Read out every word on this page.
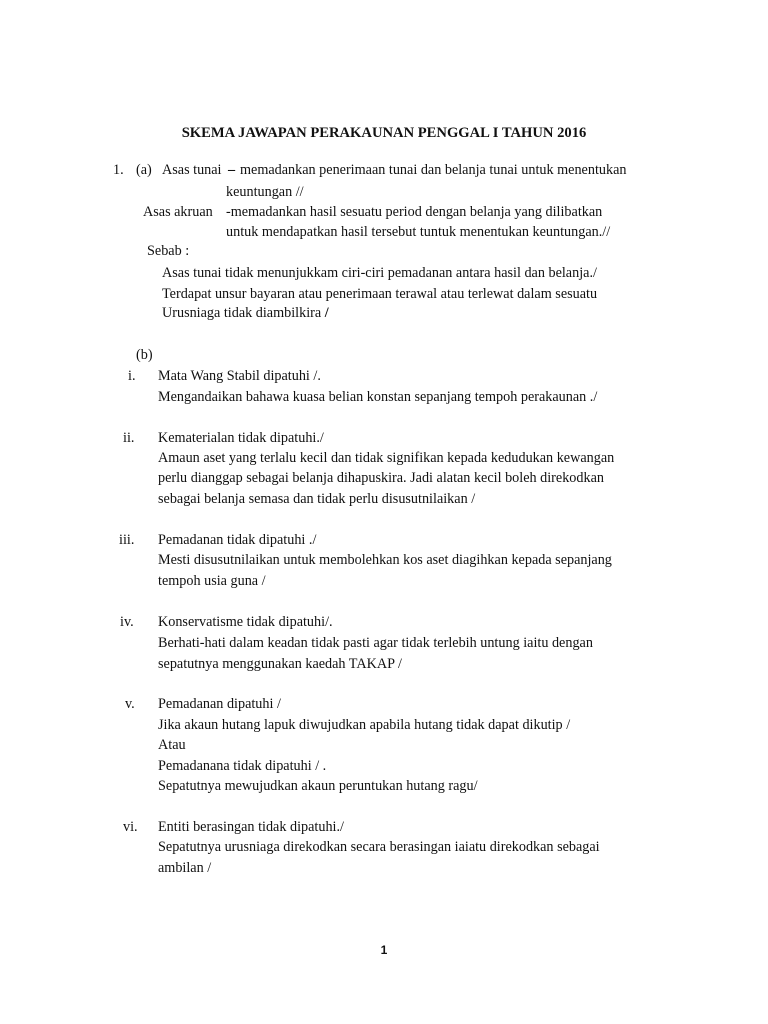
SKEMA JAWAPAN PERAKAUNAN PENGGAL I TAHUN 2016
1. (a) Asas tunai – memadankan penerimaan tunai dan belanja tunai untuk menentukan
keuntungan //
Asas akruan -memadankan hasil sesuatu period dengan belanja yang dilibatkan
untuk mendapatkan hasil tersebut tuntuk menentukan keuntungan.//
Sebab :
Asas tunai tidak menunjukkam ciri-ciri pemadanan antara hasil dan belanja./
Terdapat unsur bayaran atau penerimaan terawal atau terlewat dalam sesuatu
Urusniaga tidak diambilkira /
(b)
i. Mata Wang Stabil dipatuhi /.
Mengandaikan bahawa kuasa belian konstan sepanjang tempoh perakaunan ./
ii. Kematerialan tidak dipatuhi./
Amaun aset yang terlalu kecil dan tidak signifikan kepada kedudukan kewangan
perlu dianggap sebagai belanja dihapuskira. Jadi alatan kecil boleh direkodkan
sebagai belanja semasa dan tidak perlu disusutnilaikan /
iii. Pemadanan tidak dipatuhi ./
Mesti disusutnilaikan untuk membolehkan kos aset diagihkan kepada sepanjang
tempoh usia guna /
iv. Konservatisme tidak dipatuhi/.
Berhati-hati dalam keadan tidak pasti agar tidak terlebih untung iaitu dengan
sepatutnya menggunakan kaedah TAKAP /
v. Pemadanan dipatuhi /
Jika akaun hutang lapuk diwujudkan apabila hutang tidak dapat dikutip /
Atau
Pemadanana tidak dipatuhi / .
Sepatutnya mewujudkan akaun peruntukan hutang ragu/
vi. Entiti berasingan tidak dipatuhi./
Sepatutnya urusniaga direkodkan secara berasingan iaiatu direkodkan sebagai
ambilan /
1
